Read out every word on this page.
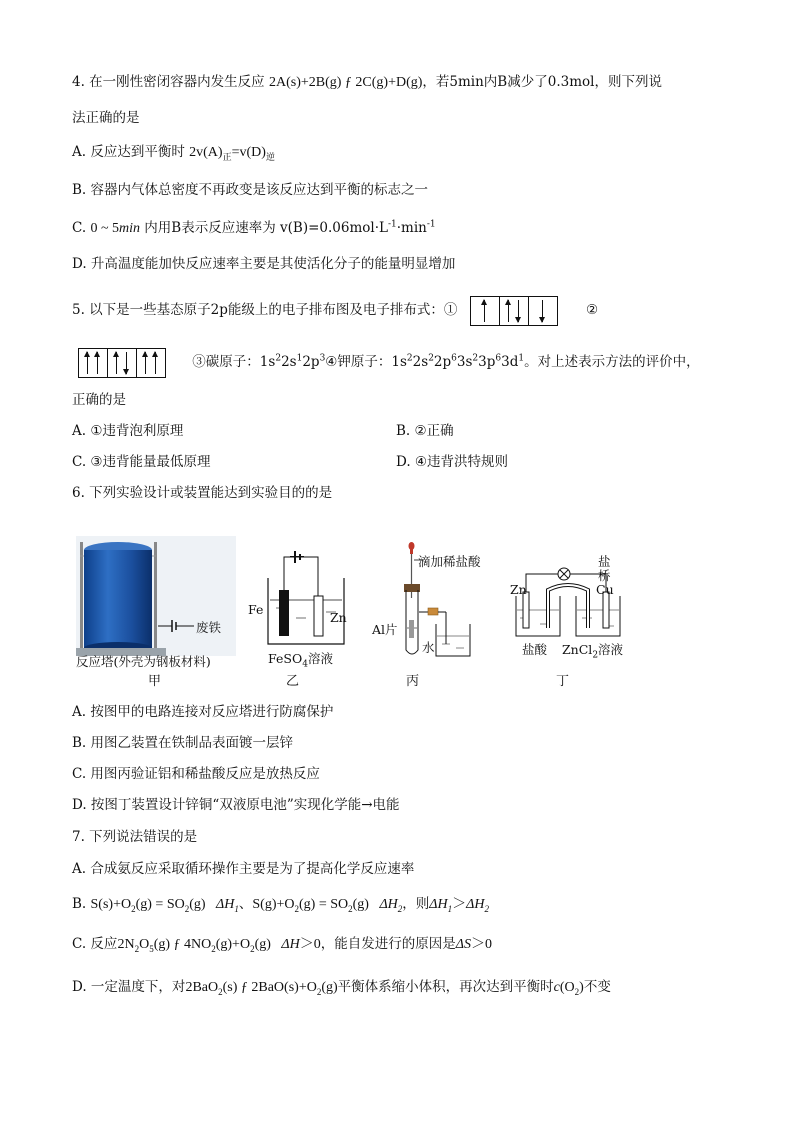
4. 在一刚性密闭容器内发生反应 2A(s)+2B(g) ƒ 2C(g)+D(g)，若5min内B减少了0.3mol，则下列说
法正确的是
A. 反应达到平衡时 $2v(A)_正=v(D)_逆$
B. 容器内气体总密度不再政变是该反应达到平衡的标志之一
C. 0 ~ 5min 内用B表示反应速率为 $v(B)=0.06mol\cdot L^{-1}\cdot\min^{-1}$
D. 升高温度能加快反应速率主要是其使活化分子的能量明显增加
5. 以下是一些基态原子2p能级上的电子排布图及电子排布式：①	②
③碳原子：$1s^22s^12p^3④$钾原子：$1s^22s^22p^63s^23p^63d^1$。对上述表示方法的评价中，
正确的是
A. ①违背泡利原理	B. ②正确
C. ③违背能量最低原理	D. ④违背洪特规则
6. 下列实验设计或装置能达到实验目的的是
废铁
反应塔(外壳为钢板材料)
甲
Fe
Zn
FeSO$_4$溶液
乙
滴加稀盐酸
Al片
水
丙
Zn	Cu
盐
桥
盐酸 ZnCl$_2$溶液
丁
A. 按图甲的电路连接对反应塔进行防腐保护
B. 用图乙装置在铁制品表面镀一层锌
C. 用图丙验证铝和稀盐酸反应是放热反应
D. 按图丁装置设计锌铜“双液原电池”实现化学能→电能
7. 下列说法错误的是
A. 合成氨反应采取循环操作主要是为了提高化学反应速率
B. $S(s)+O_2(g) = SO_2(g)$ $\Delta H_1$、$S(g)+O_2(g) = SO_2(g)$ $\Delta H_2$，则$\Delta H_1>\Delta H_2$
C. 反应$2N_2O_5(g)$ ƒ $4NO_2(g)+O_2(g)$ ΔH＞0，能自发进行的原因是ΔS＞0
D. 一定温度下，对2BaO$_2$(s) ƒ $2BaO(s)+O_2(g)$平衡体系缩小体积，再次达到平衡时$c(O_2)$不变
